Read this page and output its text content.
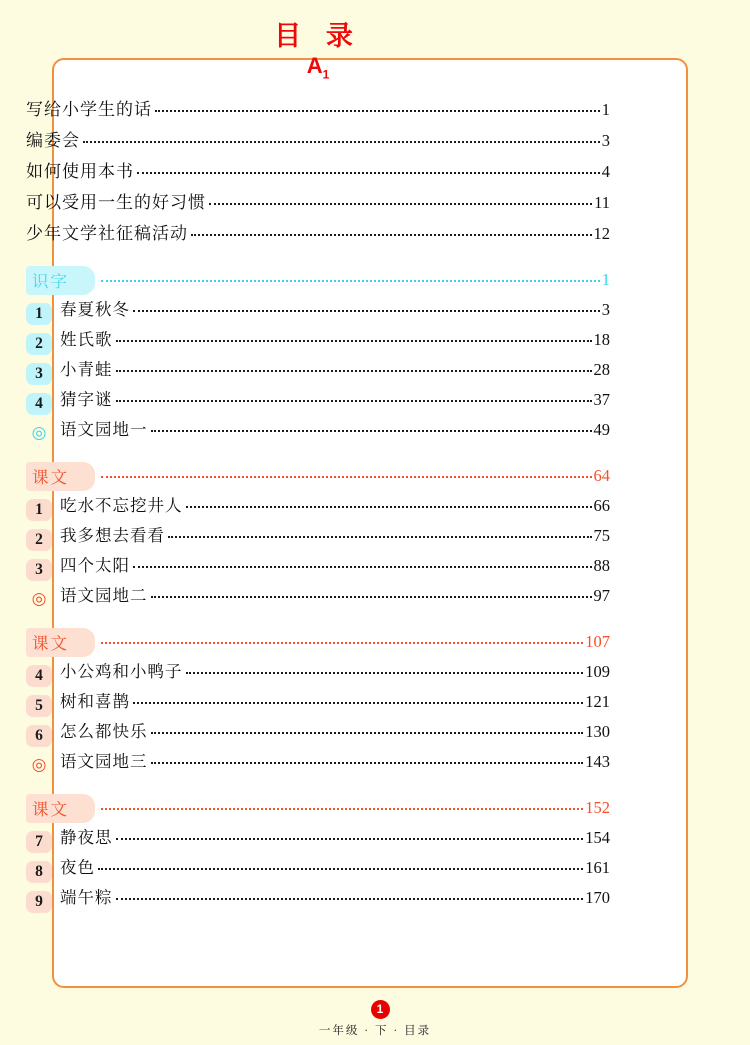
目 录
$A_1$
写给小学生的话	1
编委会	3
如何使用本书	4
可以受用一生的好习惯	11
少年文学社征稿活动	12
识字	1
1	春夏秋冬	3
2	姓氏歌	18
3	小青蛙	28
4	猜字谜	37
◎ 语文园地一	49
课文	64
1	吃水不忘挖井人	66
2	我多想去看看	75
3	四个太阳	88
◎ 语文园地二	97
课文	107
4	小公鸡和小鸭子	109
5	树和喜鹊	121
6	怎么都快乐	130
◎ 语文园地三	143
课文	152
7	静夜思	154
8	夜色	161
9	端午粽	170
1
一年级 · 下 · 目录
